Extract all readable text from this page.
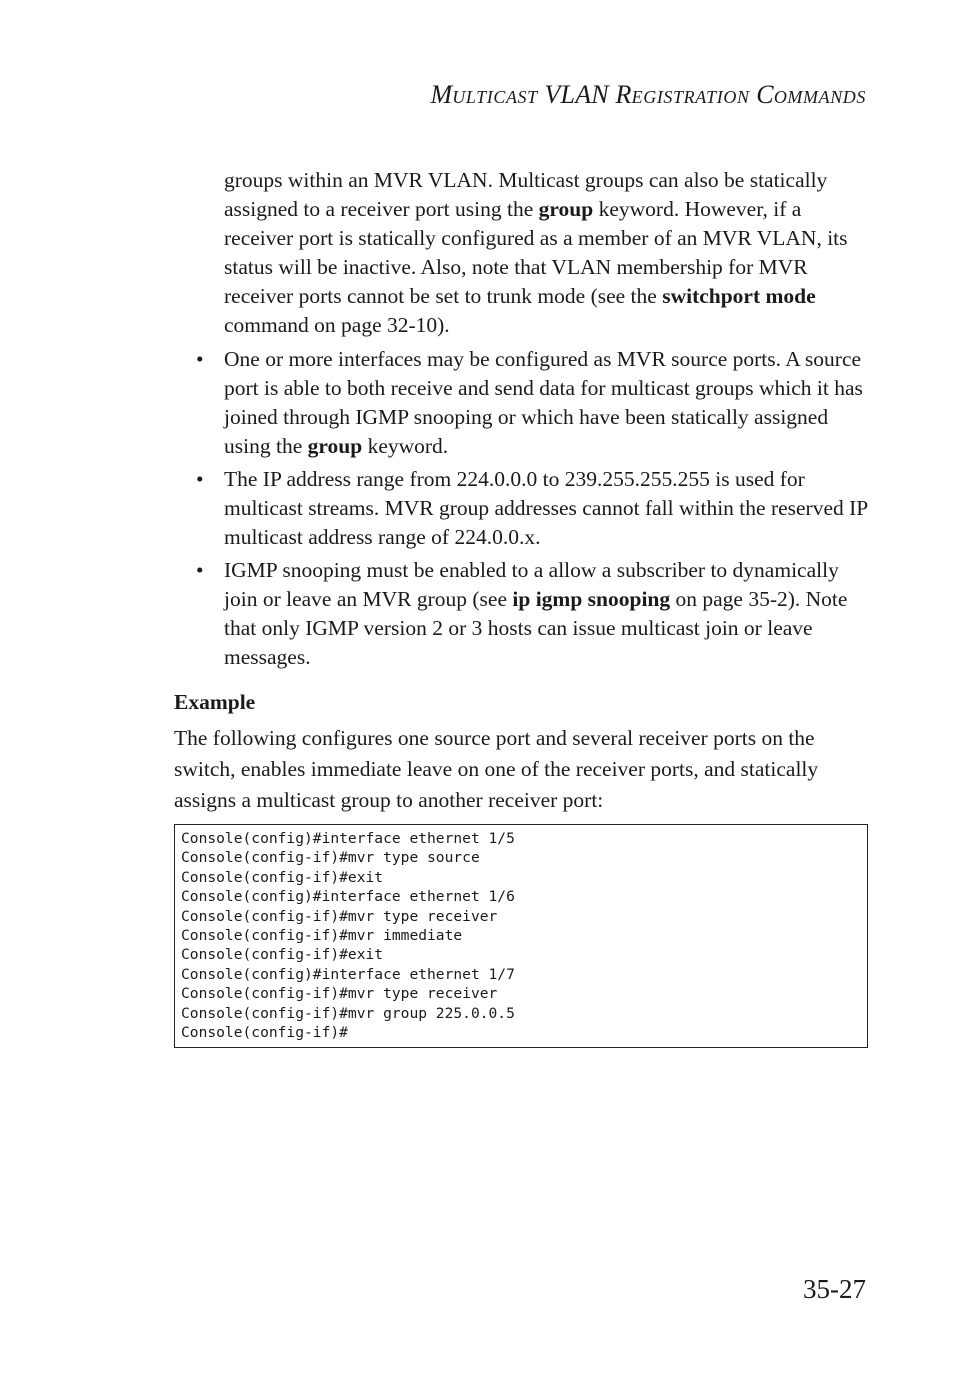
MULTICAST VLAN REGISTRATION COMMANDS

groups within an MVR VLAN. Multicast groups can also be statically assigned to a receiver port using the group keyword. However, if a receiver port is statically configured as a member of an MVR VLAN, its status will be inactive. Also, note that VLAN membership for MVR receiver ports cannot be set to trunk mode (see the switchport mode command on page 32-10).

• One or more interfaces may be configured as MVR source ports. A source port is able to both receive and send data for multicast groups which it has joined through IGMP snooping or which have been statically assigned using the group keyword.
• The IP address range from 224.0.0.0 to 239.255.255.255 is used for multicast streams. MVR group addresses cannot fall within the reserved IP multicast address range of 224.0.0.x.
• IGMP snooping must be enabled to a allow a subscriber to dynamically join or leave an MVR group (see ip igmp snooping on page 35-2). Note that only IGMP version 2 or 3 hosts can issue multicast join or leave messages.
Example

The following configures one source port and several receiver ports on the switch, enables immediate leave on one of the receiver ports, and statically assigns a multicast group to another receiver port:

Console(config)#interface ethernet 1/5
Console(config-if)#mvr type source
Console(config-if)#exit
Console(config)#interface ethernet 1/6
Console(config-if)#mvr type receiver
Console(config-if)#mvr immediate
Console(config-if)#exit
Console(config)#interface ethernet 1/7
Console(config-if)#mvr type receiver
Console(config-if)#mvr group 225.0.0.5
Console(config-if)#
35-27
